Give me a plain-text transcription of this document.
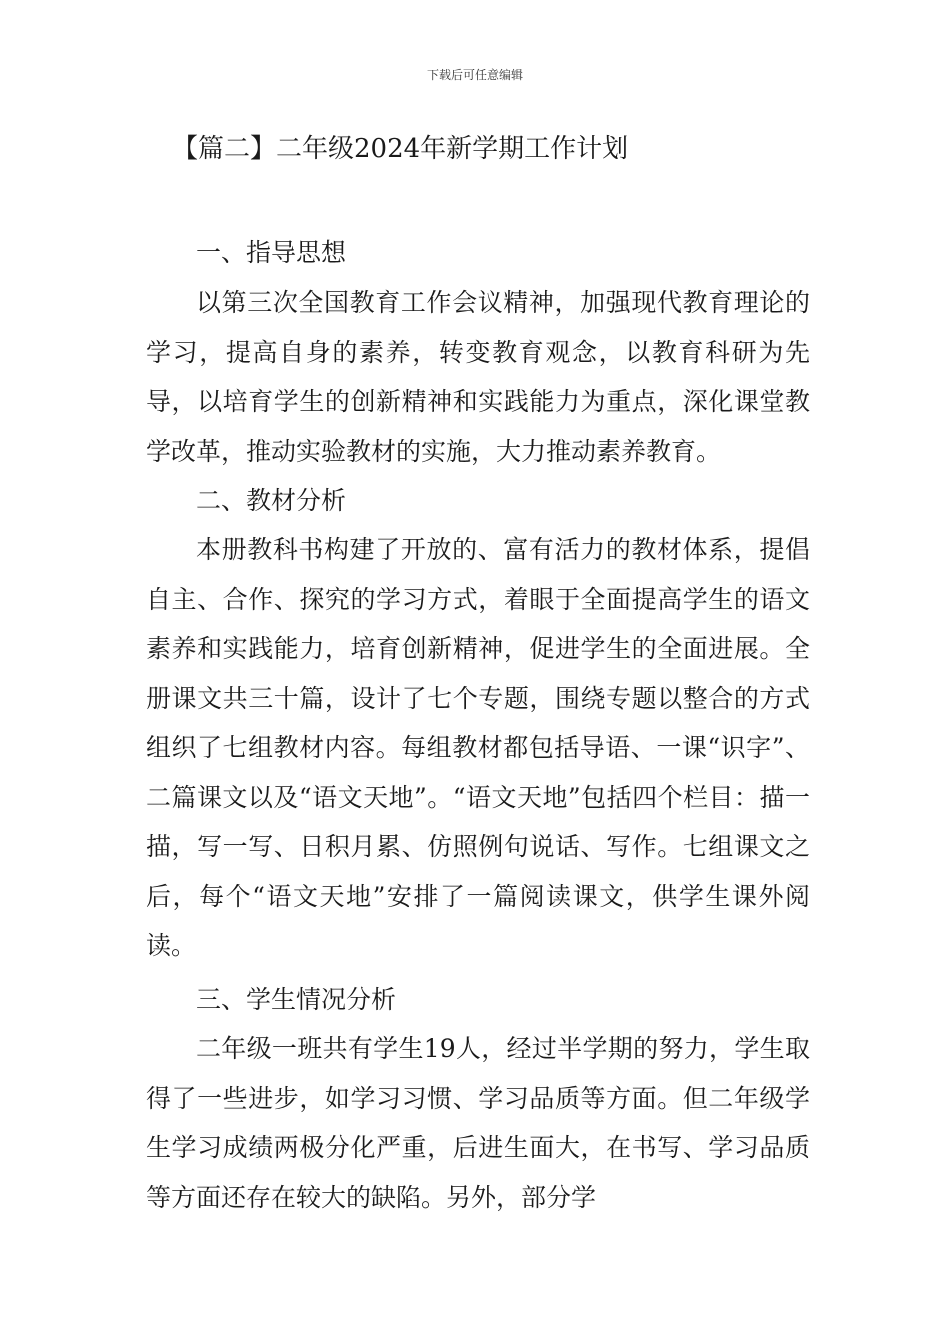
下载后可任意编辑
【篇二】二年级2024年新学期工作计划
一、指导思想

以第三次全国教育工作会议精神，加强现代教育理论的学习，提高自身的素养，转变教育观念，以教育科研为先导，以培育学生的创新精神和实践能力为重点，深化课堂教学改革，推动实验教材的实施，大力推动素养教育。

二、教材分析

本册教科书构建了开放的、富有活力的教材体系，提倡自主、合作、探究的学习方式，着眼于全面提高学生的语文素养和实践能力，培育创新精神，促进学生的全面进展。全册课文共三十篇，设计了七个专题，围绕专题以整合的方式组织了七组教材内容。每组教材都包括导语、一课“识字”、二篇课文以及“语文天地”。“语文天地”包括四个栏目：描一描，写一写、日积月累、仿照例句说话、写作。七组课文之后，每个“语文天地”安排了一篇阅读课文，供学生课外阅读。

三、学生情况分析

二年级一班共有学生19人，经过半学期的努力，学生取得了一些进步，如学习习惯、学习品质等方面。但二年级学生学习成绩两极分化严重，后进生面大，在书写、学习品质等方面还存在较大的缺陷。另外，部分学
